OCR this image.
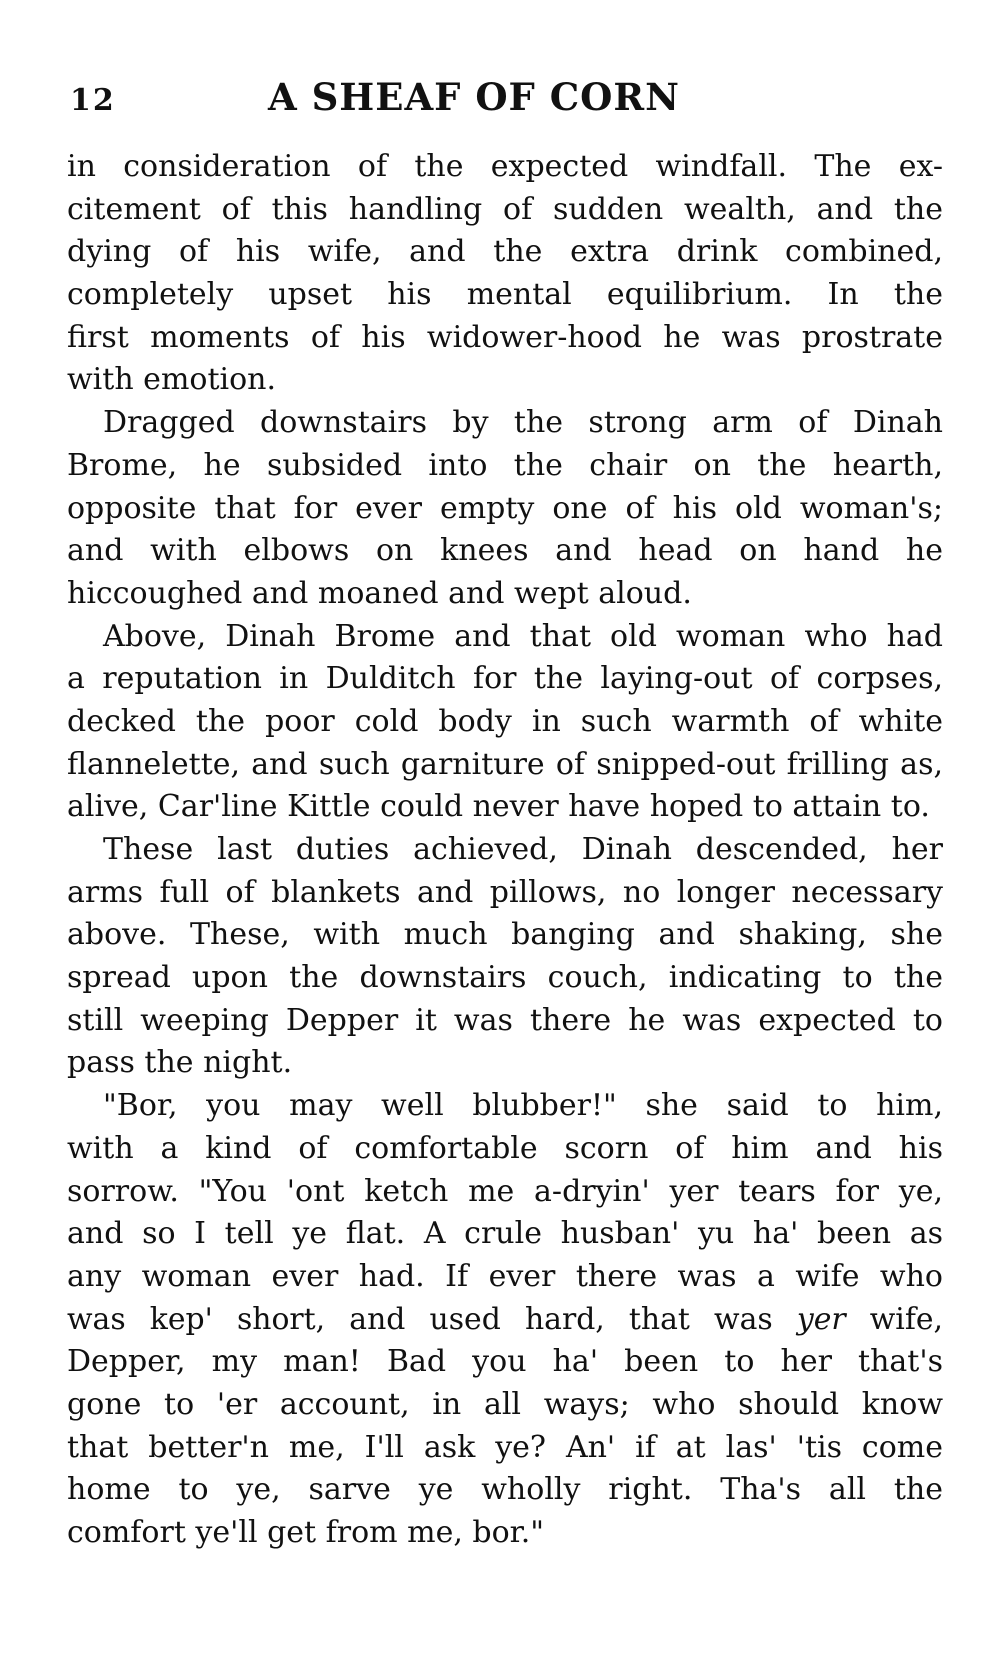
12	A SHEAF OF CORN
in consideration of the expected windfall. The ex-
citement of this handling of sudden wealth, and the
dying of his wife, and the extra drink combined,
completely upset his mental equilibrium. In the
first moments of his widower-hood he was prostrate
with emotion.
Dragged downstairs by the strong arm of Dinah
Brome, he subsided into the chair on the hearth,
opposite that for ever empty one of his old woman's;
and with elbows on knees and head on hand he
hiccoughed and moaned and wept aloud.
Above, Dinah Brome and that old woman who had
a reputation in Dulditch for the laying-out of corpses,
decked the poor cold body in such warmth of white
flannelette, and such garniture of snipped-out frilling as,
alive, Car'line Kittle could never have hoped to attain to.
These last duties achieved, Dinah descended, her
arms full of blankets and pillows, no longer necessary
above. These, with much banging and shaking, she
spread upon the downstairs couch, indicating to the
still weeping Depper it was there he was expected to
pass the night.
"Bor, you may well blubber!" she said to him,
with a kind of comfortable scorn of him and his
sorrow. "You 'ont ketch me a-dryin' yer tears for ye,
and so I tell ye flat. A crule husban' yu ha' been as
any woman ever had. If ever there was a wife who
was kep' short, and used hard, that was yer wife,
Depper, my man! Bad you ha' been to her that's
gone to 'er account, in all ways; who should know
that better'n me, I'll ask ye? An' if at las' 'tis come
home to ye, sarve ye wholly right. Tha's all the
comfort ye'll get from me, bor."
